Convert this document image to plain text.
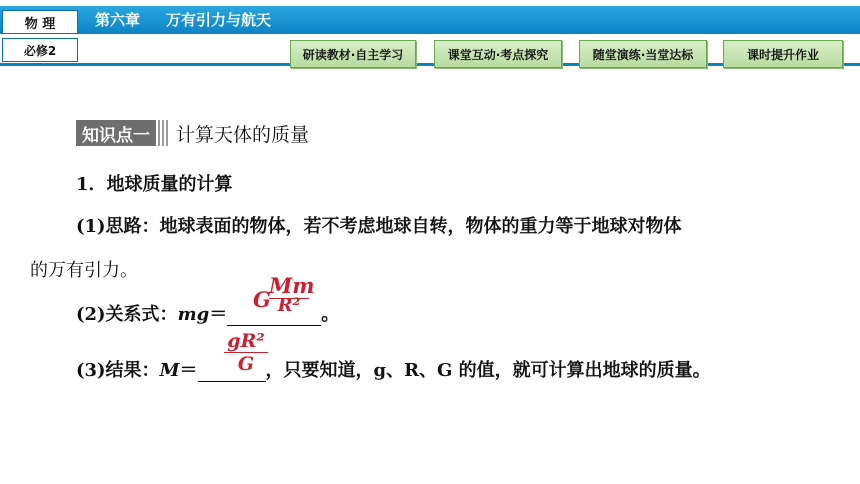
物 理	第六章 万有引力与航天
必修2	研读教材·自主学习	课堂互动·考点探究	随堂演练·当堂达标	课时提升作业
知识点一	计算天体的质量
1．地球质量的计算
(1)思路：地球表面的物体，若不考虑地球自转，物体的重力等于地球对物体
的万有引力。
(2)关系式：mg＝	。
G
Mm
R²
(3)结果：M＝	，只要知道，g、R、G 的值，就可计算出地球的质量。
$\frac{\text{gR²}}{G}$
